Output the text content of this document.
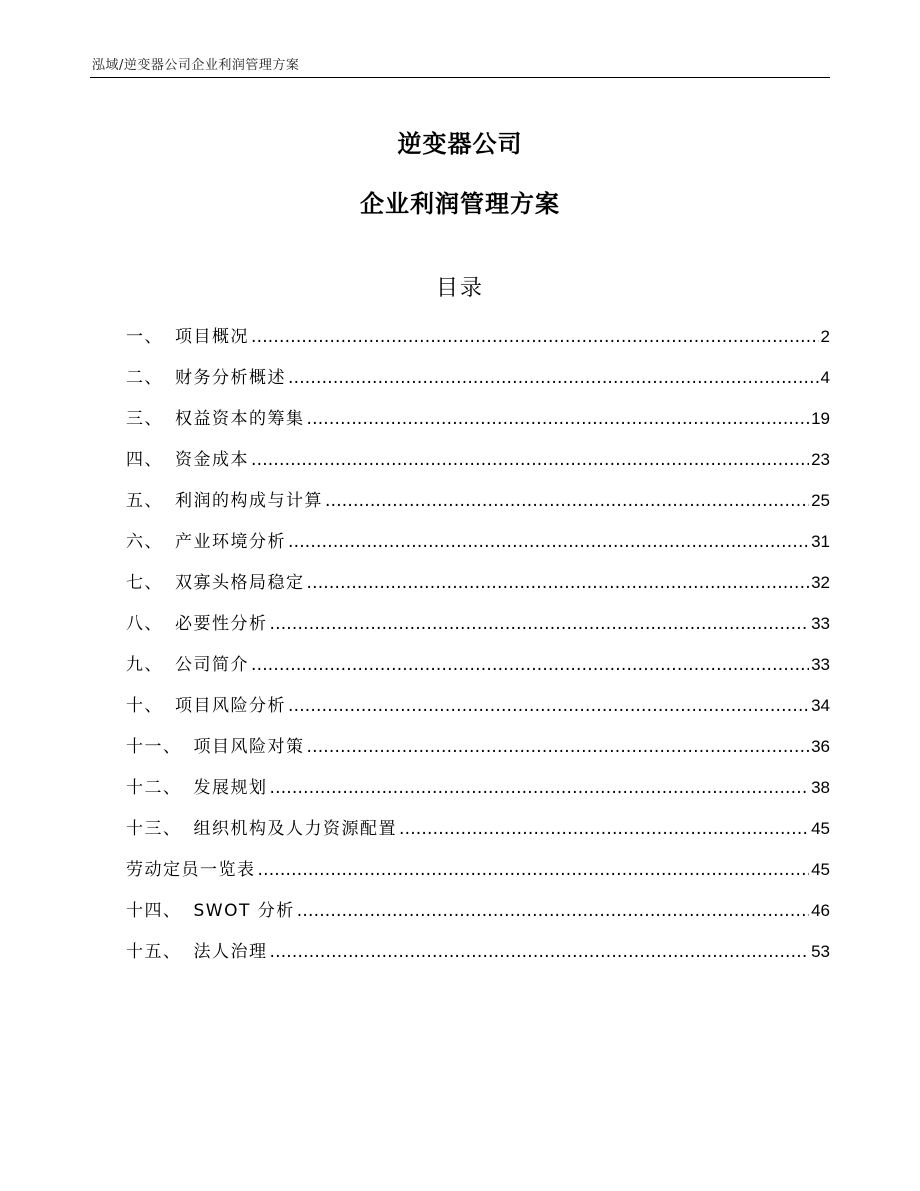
泓域/逆变器公司企业利润管理方案
逆变器公司
企业利润管理方案
目录
一、 项目概况 .....	2
二、 财务分析概述 .....	4
三、 权益资本的筹集 .....	19
四、 资金成本 .....	23
五、 利润的构成与计算 .....	25
六、 产业环境分析 .....	31
七、 双寡头格局稳定 .....	32
八、 必要性分析 .....	33
九、 公司简介 .....	33
十、 项目风险分析 .....	34
十一、 项目风险对策 .....	36
十二、 发展规划 .....	38
十三、 组织机构及人力资源配置 .....	45
劳动定员一览表 .....	45
十四、 SWOT 分析 .....	46
十五、 法人治理 .....	53
